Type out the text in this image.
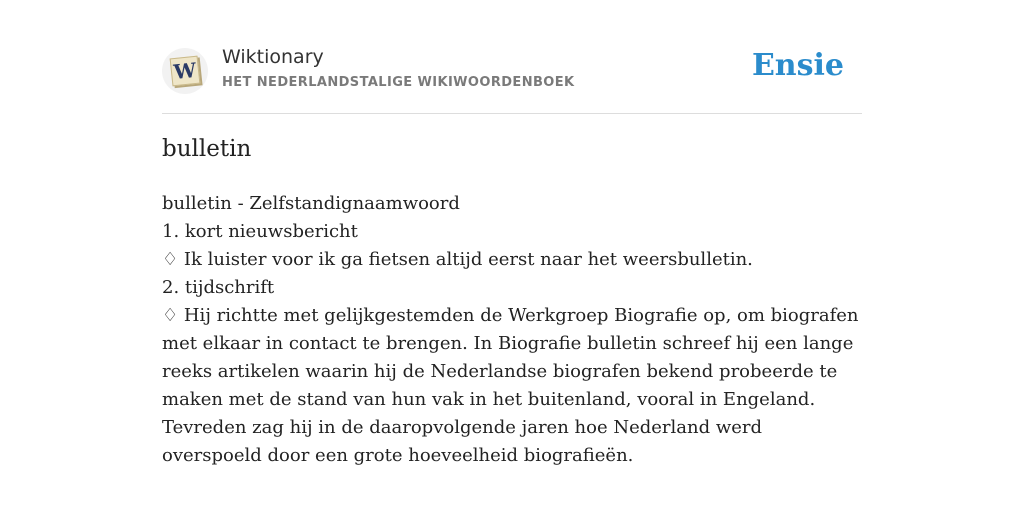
W
Wiktionary
HET NEDERLANDSTALIGE WIKIWOORDENBOEK	Ensie
bulletin

bulletin - Zelfstandignaamwoord

1. kort nieuwsbericht

♢ Ik luister voor ik ga fietsen altijd eerst naar het weersbulletin.

2. tijdschrift

♢ Hij richtte met gelijkgestemden de Werkgroep Biografie op, om biografen met elkaar in contact te brengen. In Biografie bulletin schreef hij een lange reeks artikelen waarin hij de Nederlandse biografen bekend probeerde te maken met de stand van hun vak in het buitenland, vooral in Engeland. Tevreden zag hij in de daaropvolgende jaren hoe Nederland werd overspoeld door een grote hoeveelheid biografieën.
